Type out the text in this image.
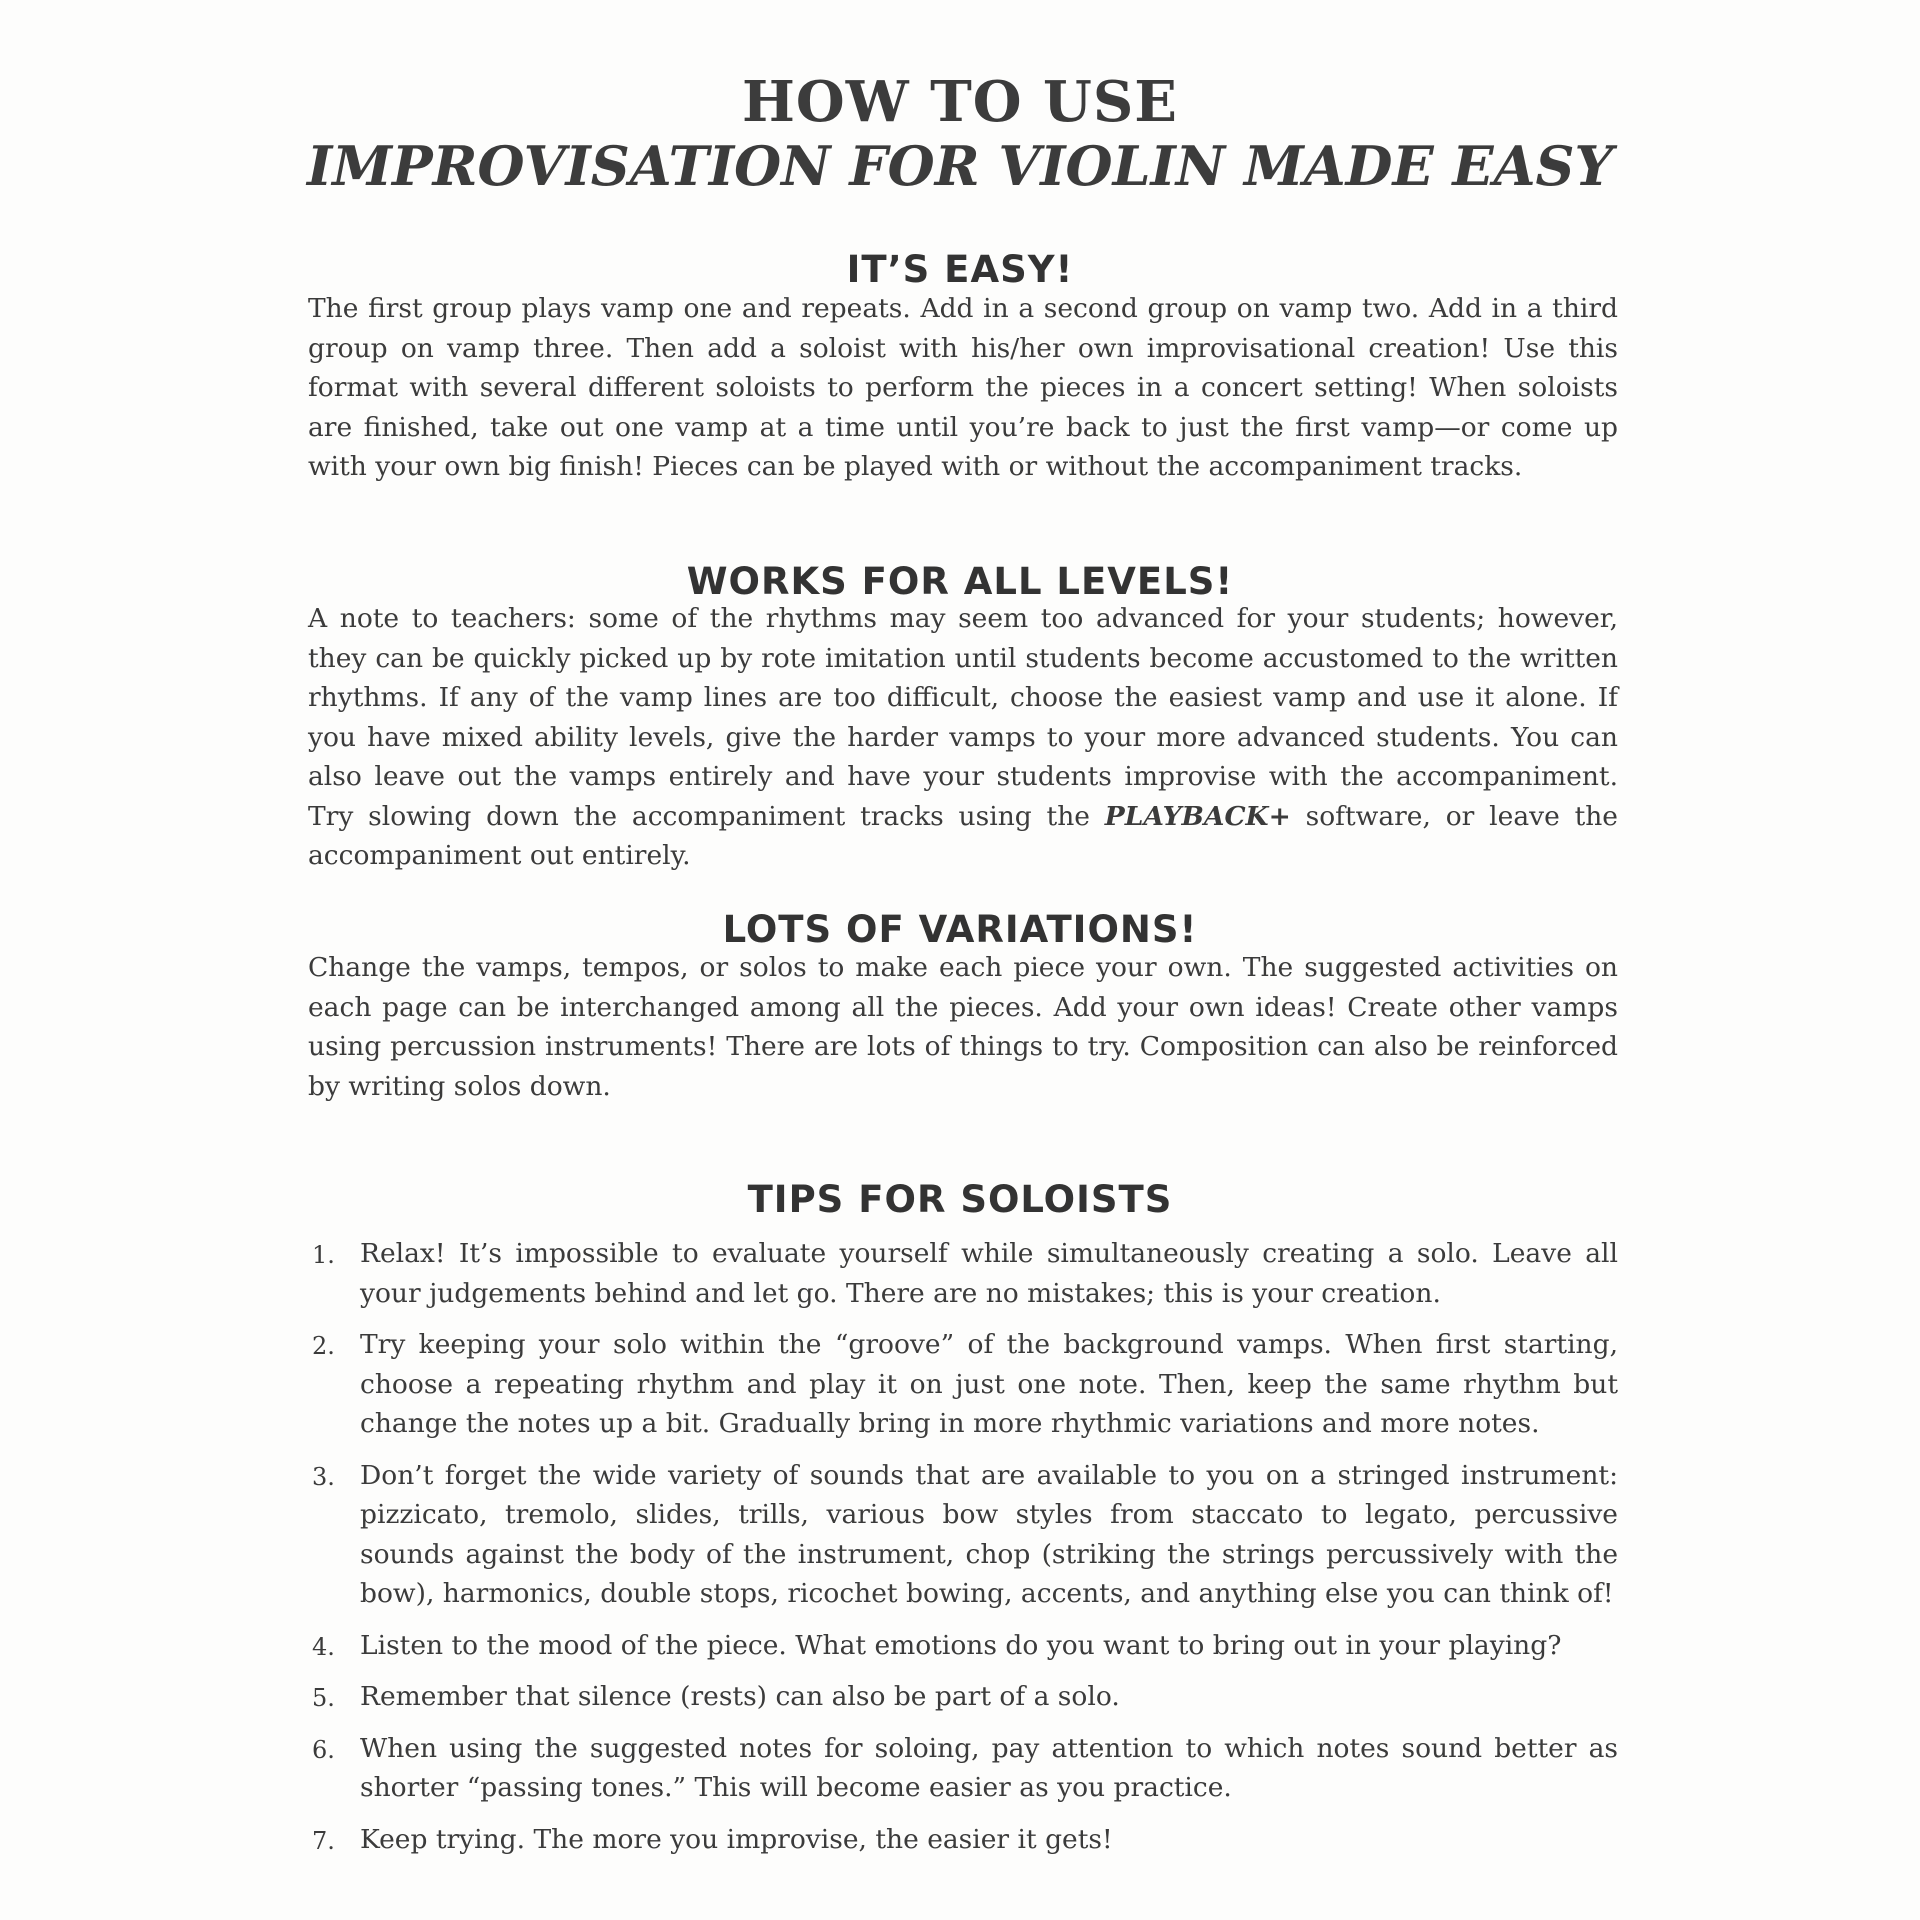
HOW TO USE
IMPROVISATION FOR VIOLIN MADE EASY
IT’S EASY!

The first group plays vamp one and repeats. Add in a second group on vamp two. Add in a third group on vamp three. Then add a soloist with his/her own improvisational creation! Use this format with several different soloists to perform the pieces in a concert setting! When soloists are finished, take out one vamp at a time until you’re back to just the first vamp—or come up with your own big finish! Pieces can be played with or without the accompaniment tracks.

WORKS FOR ALL LEVELS!

A note to teachers: some of the rhythms may seem too advanced for your students; however, they can be quickly picked up by rote imitation until students become accustomed to the written rhythms. If any of the vamp lines are too difficult, choose the easiest vamp and use it alone. If you have mixed ability levels, give the harder vamps to your more advanced students. You can also leave out the vamps entirely and have your students improvise with the accompaniment. Try slowing down the accompaniment tracks using the PLAYBACK+ software, or leave the accompaniment out entirely.

LOTS OF VARIATIONS!

Change the vamps, tempos, or solos to make each piece your own. The suggested activities on each page can be interchanged among all the pieces. Add your own ideas! Create other vamps using percussion instruments! There are lots of things to try. Composition can also be reinforced by writing solos down.

TIPS FOR SOLOISTS
1. Relax! It’s impossible to evaluate yourself while simultaneously creating a solo. Leave all your judgements behind and let go. There are no mistakes; this is your creation.
2. Try keeping your solo within the “groove” of the background vamps. When first starting, choose a repeating rhythm and play it on just one note. Then, keep the same rhythm but change the notes up a bit. Gradually bring in more rhythmic variations and more notes.
3. Don’t forget the wide variety of sounds that are available to you on a stringed instrument: pizzicato, tremolo, slides, trills, various bow styles from staccato to legato, percussive sounds against the body of the instrument, chop (striking the strings percussively with the bow), harmonics, double stops, ricochet bowing, accents, and anything else you can think of!
4. Listen to the mood of the piece. What emotions do you want to bring out in your playing?
5. Remember that silence (rests) can also be part of a solo.
6. When using the suggested notes for soloing, pay attention to which notes sound better as shorter “passing tones.” This will become easier as you practice.
7. Keep trying. The more you improvise, the easier it gets!
